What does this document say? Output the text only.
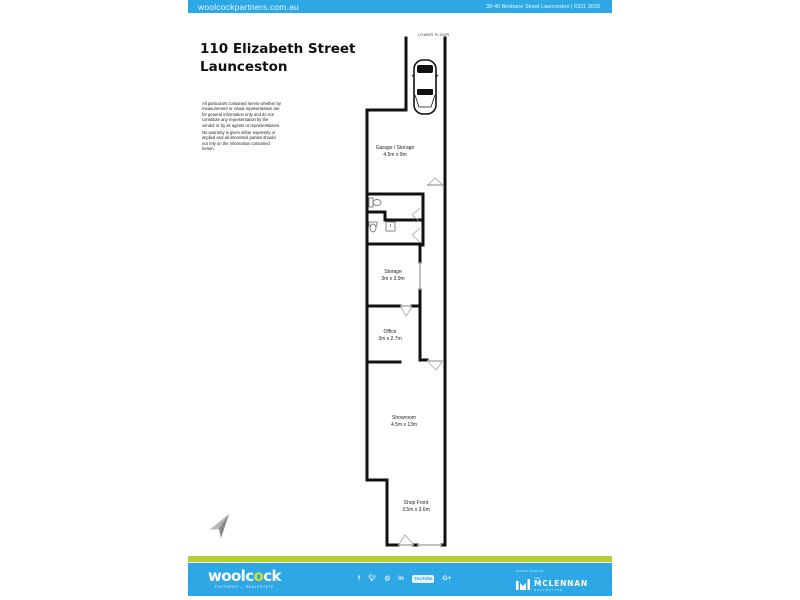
woolcockpartners.com.au	38-40 Brisbane Street Launceston | 6331 3033
110 Elizabeth Street
Launceston

All particulars contained herein whether by measurement or visual representation are for general information only and do not constitute any representation by the vendor or by its agents or representatives.

No warranty is given either expressly or implied and all interested parties should not rely on the information contained herein.

LOWER FLOOR
Garage / Storage
4.5m x 9m
Storage
3m x 3.9m
Office
3m x 2.7m
Showroom
4.5m x 13m
Shop Front
3.5m x 3.6m
woolcock
PARTNERS — REALESTATE
f 🐦︎ ◎ in	YouTube	G+
FLOOR PLAN BY
THE
MCLENNAN
COLLECTIVE
